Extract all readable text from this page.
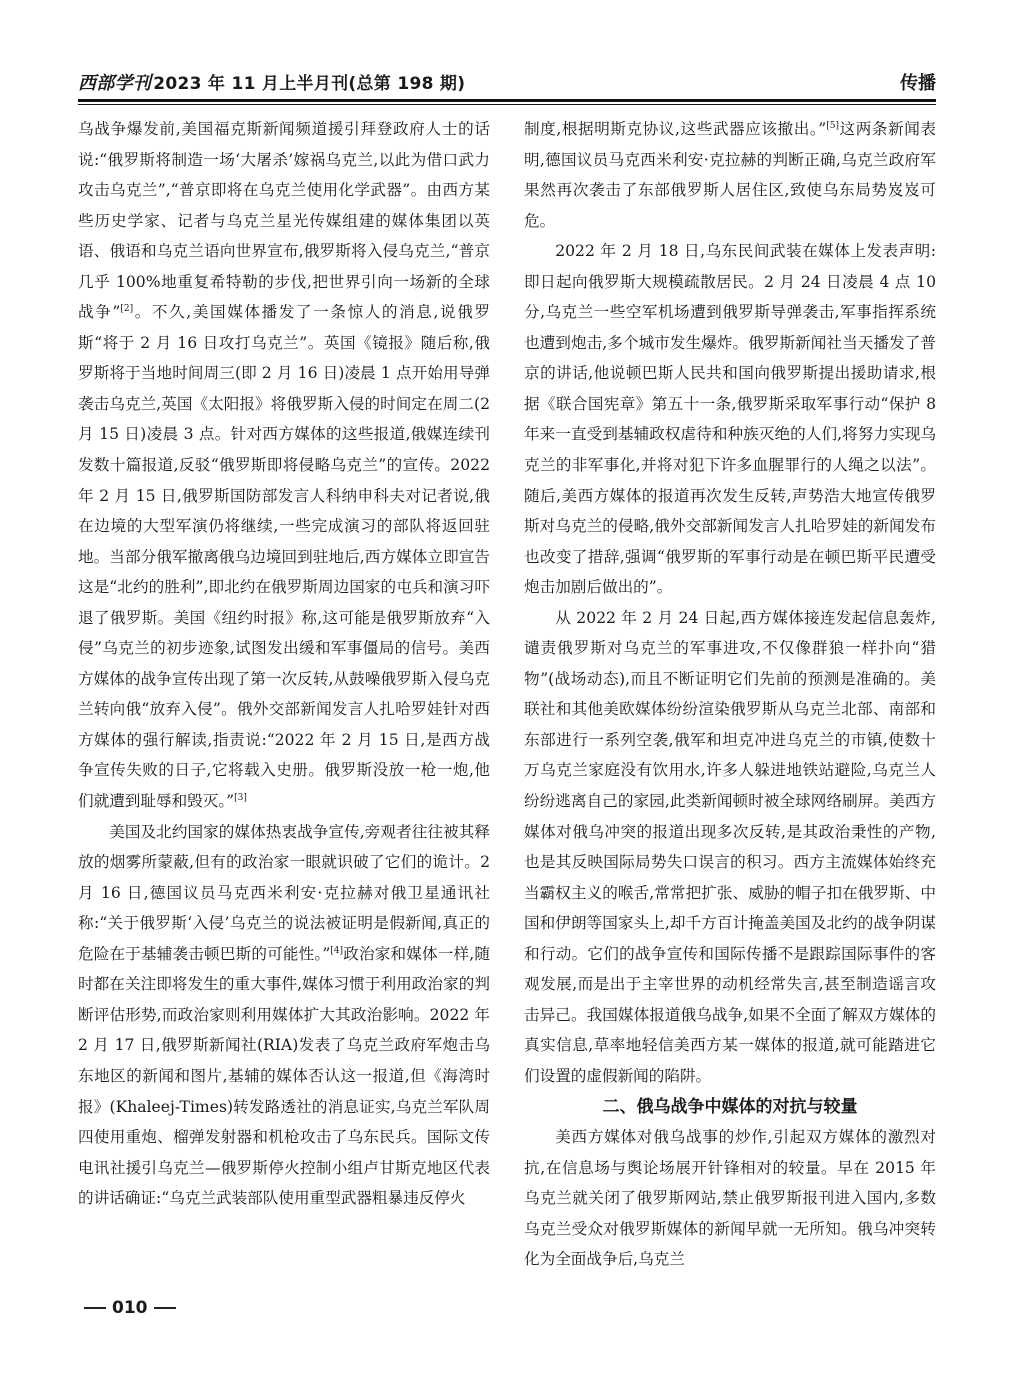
西部学刊 2023 年 11 月上半月刊(总第 198 期)	传播

乌战争爆发前,美国福克斯新闻频道援引拜登政府人士的话说:“俄罗斯将制造一场‘大屠杀’嫁祸乌克兰,以此为借口武力攻击乌克兰”,“普京即将在乌克兰使用化学武器”。由西方某些历史学家、记者与乌克兰星光传媒组建的媒体集团以英语、俄语和乌克兰语向世界宣布,俄罗斯将入侵乌克兰,“普京几乎 100%地重复希特勒的步伐,把世界引向一场新的全球战争”[2]。不久,美国媒体播发了一条惊人的消息,说俄罗斯“将于 2 月 16 日攻打乌克兰”。英国《镜报》随后称,俄罗斯将于当地时间周三(即 2 月 16 日)凌晨 1 点开始用导弹袭击乌克兰,英国《太阳报》将俄罗斯入侵的时间定在周二(2 月 15 日)凌晨 3 点。针对西方媒体的这些报道,俄媒连续刊发数十篇报道,反驳“俄罗斯即将侵略乌克兰”的宣传。2022 年 2 月 15 日,俄罗斯国防部发言人科纳申科夫对记者说,俄在边境的大型军演仍将继续,一些完成演习的部队将返回驻地。当部分俄军撤离俄乌边境回到驻地后,西方媒体立即宣告这是“北约的胜利”,即北约在俄罗斯周边国家的屯兵和演习吓退了俄罗斯。美国《纽约时报》称,这可能是俄罗斯放弃“入侵”乌克兰的初步迹象,试图发出缓和军事僵局的信号。美西方媒体的战争宣传出现了第一次反转,从鼓噪俄罗斯入侵乌克兰转向俄“放弃入侵”。俄外交部新闻发言人扎哈罗娃针对西方媒体的强行解读,指责说:“2022 年 2 月 15 日,是西方战争宣传失败的日子,它将载入史册。俄罗斯没放一枪一炮,他们就遭到耻辱和毁灭。”[3]

美国及北约国家的媒体热衷战争宣传,旁观者往往被其释放的烟雾所蒙蔽,但有的政治家一眼就识破了它们的诡计。2 月 16 日,德国议员马克西米利安·克拉赫对俄卫星通讯社称:“关于俄罗斯‘入侵’乌克兰的说法被证明是假新闻,真正的危险在于基辅袭击顿巴斯的可能性。”[4]政治家和媒体一样,随时都在关注即将发生的重大事件,媒体习惯于利用政治家的判断评估形势,而政治家则利用媒体扩大其政治影响。2022 年 2 月 17 日,俄罗斯新闻社(RIA)发表了乌克兰政府军炮击乌东地区的新闻和图片,基辅的媒体否认这一报道,但《海湾时报》(Khaleej-Times)转发路透社的消息证实,乌克兰军队周四使用重炮、榴弹发射器和机枪攻击了乌东民兵。国际文传电讯社援引乌克兰—俄罗斯停火控制小组卢甘斯克地区代表的讲话确证:“乌克兰武装部队使用重型武器粗暴违反停火

制度,根据明斯克协议,这些武器应该撤出。”[5]这两条新闻表明,德国议员马克西米利安·克拉赫的判断正确,乌克兰政府军果然再次袭击了东部俄罗斯人居住区,致使乌东局势岌岌可危。

2022 年 2 月 18 日,乌东民间武装在媒体上发表声明:即日起向俄罗斯大规模疏散居民。2 月 24 日凌晨 4 点 10 分,乌克兰一些空军机场遭到俄罗斯导弹袭击,军事指挥系统也遭到炮击,多个城市发生爆炸。俄罗斯新闻社当天播发了普京的讲话,他说顿巴斯人民共和国向俄罗斯提出援助请求,根据《联合国宪章》第五十一条,俄罗斯采取军事行动“保护 8 年来一直受到基辅政权虐待和种族灭绝的人们,将努力实现乌克兰的非军事化,并将对犯下许多血腥罪行的人绳之以法”。随后,美西方媒体的报道再次发生反转,声势浩大地宣传俄罗斯对乌克兰的侵略,俄外交部新闻发言人扎哈罗娃的新闻发布也改变了措辞,强调“俄罗斯的军事行动是在顿巴斯平民遭受炮击加剧后做出的”。

从 2022 年 2 月 24 日起,西方媒体接连发起信息轰炸,谴责俄罗斯对乌克兰的军事进攻,不仅像群狼一样扑向“猎物”(战场动态),而且不断证明它们先前的预测是准确的。美联社和其他美欧媒体纷纷渲染俄罗斯从乌克兰北部、南部和东部进行一系列空袭,俄军和坦克冲进乌克兰的市镇,使数十万乌克兰家庭没有饮用水,许多人躲进地铁站避险,乌克兰人纷纷逃离自己的家园,此类新闻顿时被全球网络刷屏。美西方媒体对俄乌冲突的报道出现多次反转,是其政治秉性的产物,也是其反映国际局势失口误言的积习。西方主流媒体始终充当霸权主义的喉舌,常常把扩张、威胁的帽子扣在俄罗斯、中国和伊朗等国家头上,却千方百计掩盖美国及北约的战争阴谋和行动。它们的战争宣传和国际传播不是跟踪国际事件的客观发展,而是出于主宰世界的动机经常失言,甚至制造谣言攻击异己。我国媒体报道俄乌战争,如果不全面了解双方媒体的真实信息,草率地轻信美西方某一媒体的报道,就可能踏进它们设置的虚假新闻的陷阱。

二、俄乌战争中媒体的对抗与较量

美西方媒体对俄乌战事的炒作,引起双方媒体的激烈对抗,在信息场与舆论场展开针锋相对的较量。早在 2015 年乌克兰就关闭了俄罗斯网站,禁止俄罗斯报刊进入国内,多数乌克兰受众对俄罗斯媒体的新闻早就一无所知。俄乌冲突转化为全面战争后,乌克兰

010
